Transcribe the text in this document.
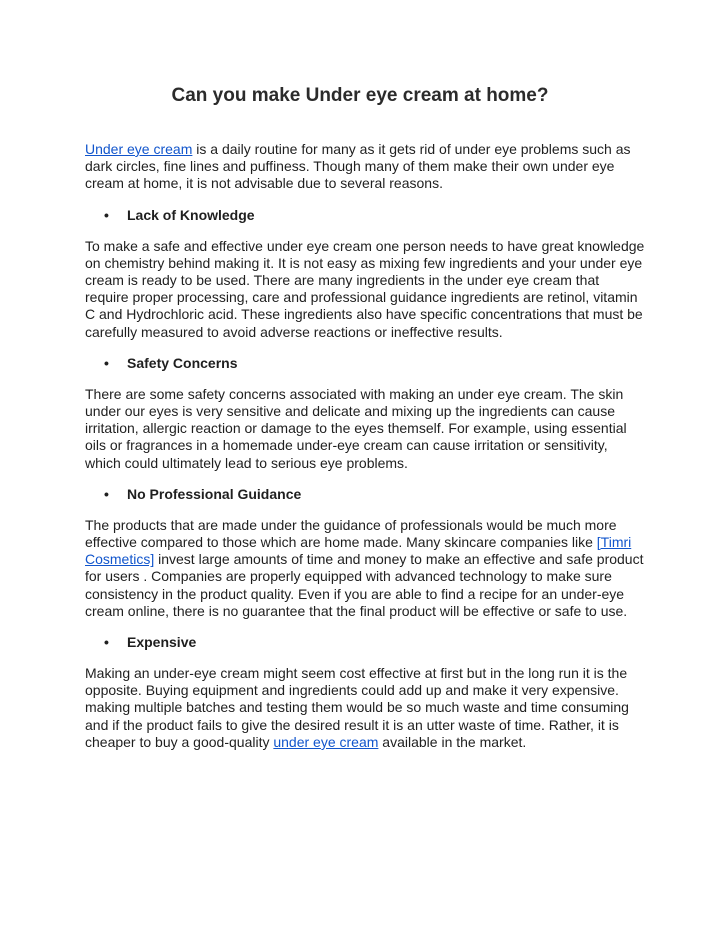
Can you make Under eye cream at home?

Under eye cream is a daily routine for many as it gets rid of under eye problems such as dark circles, fine lines and puffiness. Though many of them make their own under eye cream at home, it is not advisable due to several reasons.

•	Lack of Knowledge

To make a safe and effective under eye cream one person needs to have great knowledge on chemistry behind making it. It is not easy as mixing few ingredients and your under eye cream is ready to be used. There are many ingredients in the under eye cream that require proper processing, care and professional guidance ingredients are retinol, vitamin C and Hydrochloric acid. These ingredients also have specific concentrations that must be carefully measured to avoid adverse reactions or ineffective results.

•	Safety Concerns

There are some safety concerns associated with making an under eye cream. The skin under our eyes is very sensitive and delicate and mixing up the ingredients can cause irritation, allergic reaction or damage to the eyes themself. For example, using essential oils or fragrances in a homemade under-eye cream can cause irritation or sensitivity, which could ultimately lead to serious eye problems.

•	No Professional Guidance

The products that are made under the guidance of professionals would be much more effective compared to those which are home made. Many skincare companies like [Timri Cosmetics] invest large amounts of time and money to make an effective and safe product for users . Companies are properly equipped with advanced technology to make sure consistency in the product quality. Even if you are able to find a recipe for an under-eye cream online, there is no guarantee that the final product will be effective or safe to use.

•	Expensive

Making an under-eye cream might seem cost effective at first but in the long run it is the opposite. Buying equipment and ingredients could add up and make it very expensive. making multiple batches and testing them would be so much waste and time consuming and if the product fails to give the desired result it is an utter waste of time. Rather, it is cheaper to buy a good-quality under eye cream available in the market.
